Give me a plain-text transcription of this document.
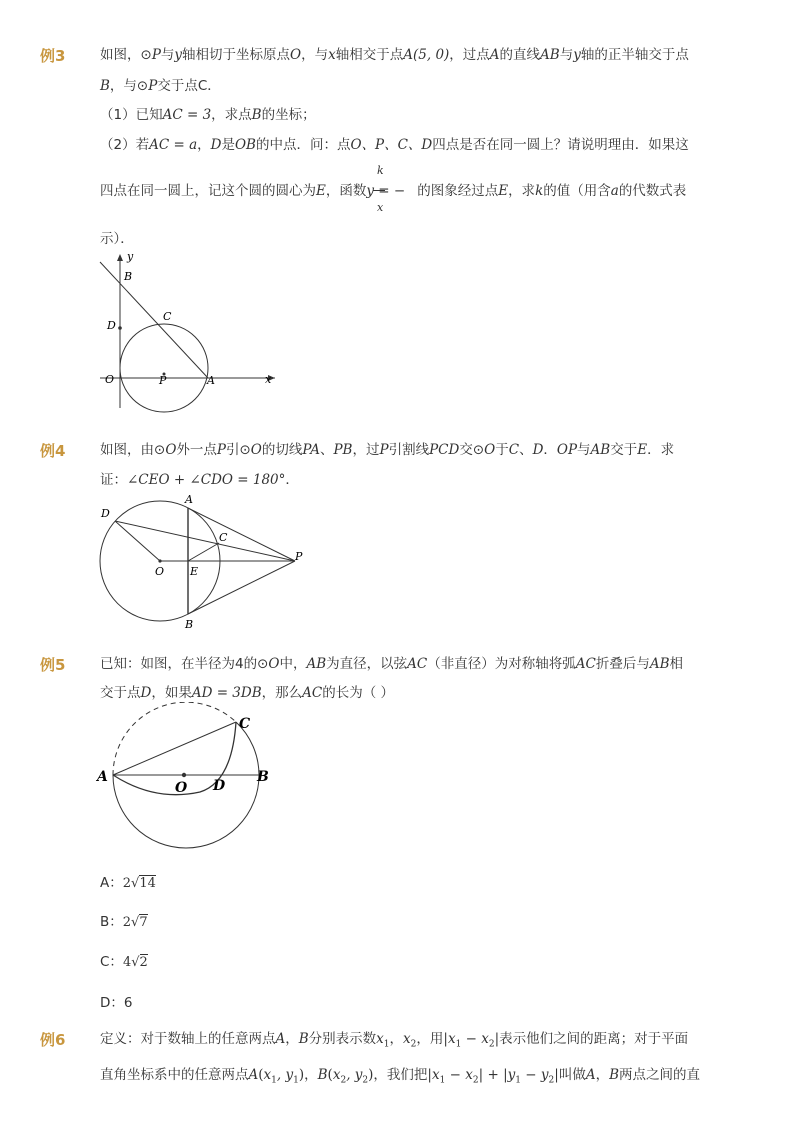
例3	如图，⊙P与y轴相切于坐标原点O，与x轴相交于点A(5, 0)，过点A的直线AB与y轴的正半轴交于点
B，与⊙P交于点C．
（1）已知AC = 3，求点B的坐标；
（2）若AC = a，D是OB的中点．问：点O、P、C、D四点是否在同一圆上？请说明理由．如果这
k
x
四点在同一圆上，记这个圆的圆心为E，函数y = − 的图象经过点E，求k的值（用含a的代数式表
示）．
y
B
C
D
O	P	A	x
例4	如图，由⊙O外一点P引⊙O的切线PA、PB，过P引割线PCD交⊙O于C、D．OP与AB交于E．求
证：∠CEO + ∠CDO = 180°．
A
D
C
P
O E
B
例5	已知：如图，在半径为4的⊙O中，AB为直径，以弦AC（非直径）为对称轴将弧AC折叠后与AB相
交于点D，如果AD = 3DB，那么AC的长为（ ）
A	B
C
O D
A：2√14
B：2√7
C：4√2
D：6
例6	定义：对于数轴上的任意两点A，B分别表示数$x_1$，$x_2$，用$|x_1 - x_2|$表示他们之间的距离；对于平面
直角坐标系中的任意两点$A(x_1$, $y_1$)，$B(x_2$, $y_2$)，我们把$|x_1 - x_2| + |y_1 - y_2|$叫做A，B两点之间的直
